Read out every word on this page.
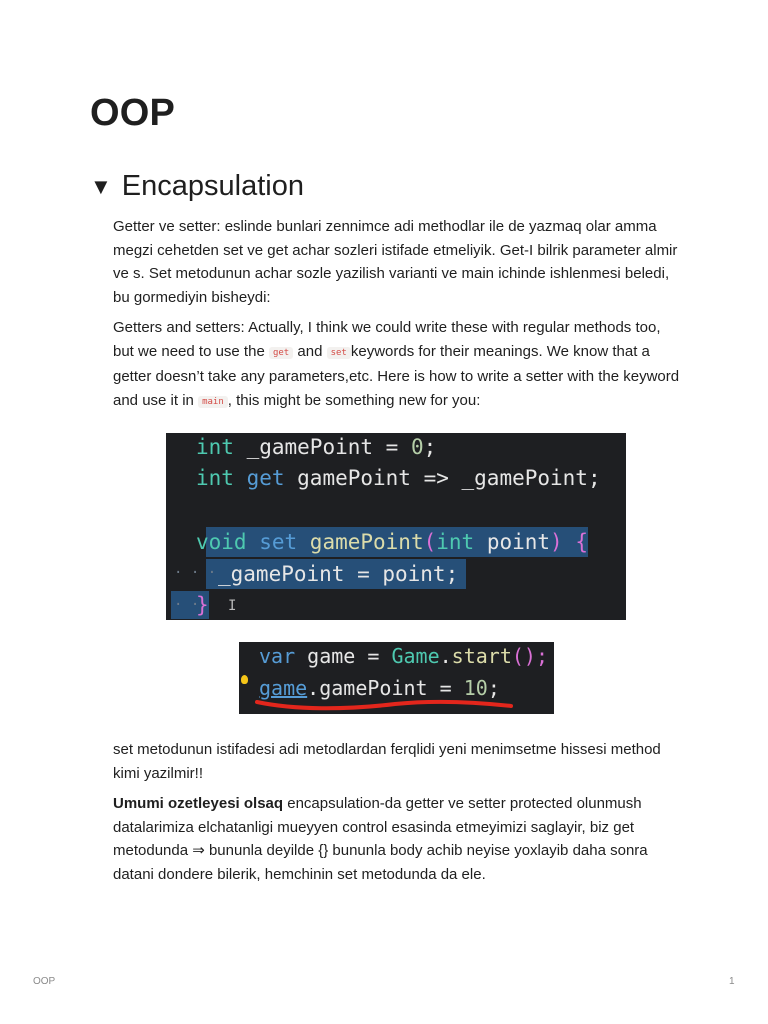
OOP
▼ Encapsulation

Getter ve setter: eslinde bunlari zennimce adi methodlar ile de yazmaq olar amma megzi cehetden set ve get achar sozleri istifade etmeliyik. Get-I bilrik parameter almir ve s. Set metodunun achar sozle yazilish varianti ve main ichinde ishlenmesi beledi, bu gormediyin bisheydi:

Getters and setters: Actually, I think we could write these with regular methods too, but we need to use the get and set keywords for their meanings. We know that a getter doesn’t take any parameters,etc. Here is how to write a setter with the keyword and use it in main , this might be something new for you:

int _gamePoint = 0;
int get gamePoint => _gamePoint;
void set gamePoint(int point) {
· · · _gamePoint = point;
· ·
} I
var game = Game.start();
game.gamePoint = 10;

set metodunun istifadesi adi metodlardan ferqlidi yeni menimsetme hissesi method kimi yazilmir!!

Umumi ozetleyesi olsaq encapsulation-da getter ve setter protected olunmush datalarimiza elchatanligi mueyyen control esasinda etmeyimizi saglayir, biz get metodunda ⇒ bununla deyilde {} bununla body achib neyise yoxlayib daha sonra datani dondere bilerik, hemchinin set metodunda da ele.

OOP	1
